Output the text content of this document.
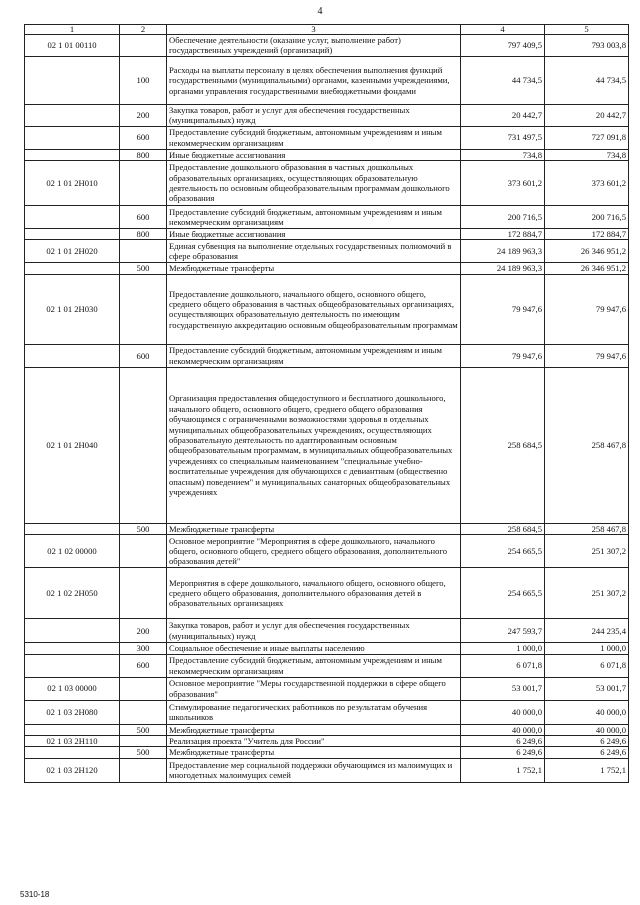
4
1	2	3	4	5
02 1 01 00110		Обеспечение деятельности (оказание услуг, выполнение работ) государственных учреждений (организаций)	797 409,5	793 003,8
	100	Расходы на выплаты персоналу в целях обеспечения выполнения функций государственными (муниципальными) органами, казенными учреждениями, органами управления государственными внебюджетными фондами	44 734,5	44 734,5
	200	Закупка товаров, работ и услуг для обеспечения государственных (муниципальных) нужд	20 442,7	20 442,7
	600	Предоставление субсидий бюджетным, автономным учреждениям и иным некоммерческим организациям	731 497,5	727 091,8
	800	Иные бюджетные ассигнования	734,8	734,8
02 1 01 2Н010		Предоставление дошкольного образования в частных дошкольных образовательных организациях, осуществляющих образовательную деятельность по основным общеобразовательным программам дошкольного образования	373 601,2	373 601,2
	600	Предоставление субсидий бюджетным, автономным учреждениям и иным некоммерческим организациям	200 716,5	200 716,5
	800	Иные бюджетные ассигнования	172 884,7	172 884,7
02 1 01 2Н020		Единая субвенция на выполнение отдельных государственных полномочий в сфере образования	24 189 963,3	26 346 951,2
	500	Межбюджетные трансферты	24 189 963,3	26 346 951,2
02 1 01 2Н030		Предоставление дошкольного, начального общего, основного общего, среднего общего образования в частных общеобразовательных организациях, осуществляющих образовательную деятельность по имеющим государственную аккредитацию основным общеобразовательным программам	79 947,6	79 947,6
	600	Предоставление субсидий бюджетным, автономным учреждениям и иным некоммерческим организациям	79 947,6	79 947,6
02 1 01 2Н040		Организация предоставления общедоступного и бесплатного дошкольного, начального общего, основного общего, среднего общего образования обучающимся с ограниченными возможностями здоровья в отдельных муниципальных общеобразовательных учреждениях, осуществляющих образовательную деятельность по адаптированным основным общеобразовательным программам, в муниципальных общеобразовательных учреждениях со специальным наименованием "специальные учебно-воспитательные учреждения для обучающихся с девиантным (общественно опасным) поведением" и муниципальных санаторных общеобразовательных учреждениях	258 684,5	258 467,8
	500	Межбюджетные трансферты	258 684,5	258 467,8
02 1 02 00000		Основное мероприятие "Мероприятия в сфере дошкольного, начального общего, основного общего, среднего общего образования, дополнительного образования детей"	254 665,5	251 307,2
02 1 02 2Н050		Мероприятия в сфере дошкольного, начального общего, основного общего, среднего общего образования, дополнительного образования детей в образовательных организациях	254 665,5	251 307,2
	200	Закупка товаров, работ и услуг для обеспечения государственных (муниципальных) нужд	247 593,7	244 235,4
	300	Социальное обеспечение и иные выплаты населению	1 000,0	1 000,0
	600	Предоставление субсидий бюджетным, автономным учреждениям и иным некоммерческим организациям	6 071,8	6 071,8
02 1 03 00000		Основное мероприятие "Меры государственной поддержки в сфере общего образования"	53 001,7	53 001,7
02 1 03 2Н080		Стимулирование педагогических работников по результатам обучения школьников	40 000,0	40 000,0
	500	Межбюджетные трансферты	40 000,0	40 000,0
02 1 03 2Н110		Реализация проекта "Учитель для России"	6 249,6	6 249,6
	500	Межбюджетные трансферты	6 249,6	6 249,6
02 1 03 2Н120		Предоставление мер социальной поддержки обучающимся из малоимущих и многодетных малоимущих семей	1 752,1	1 752,1
5310-18
